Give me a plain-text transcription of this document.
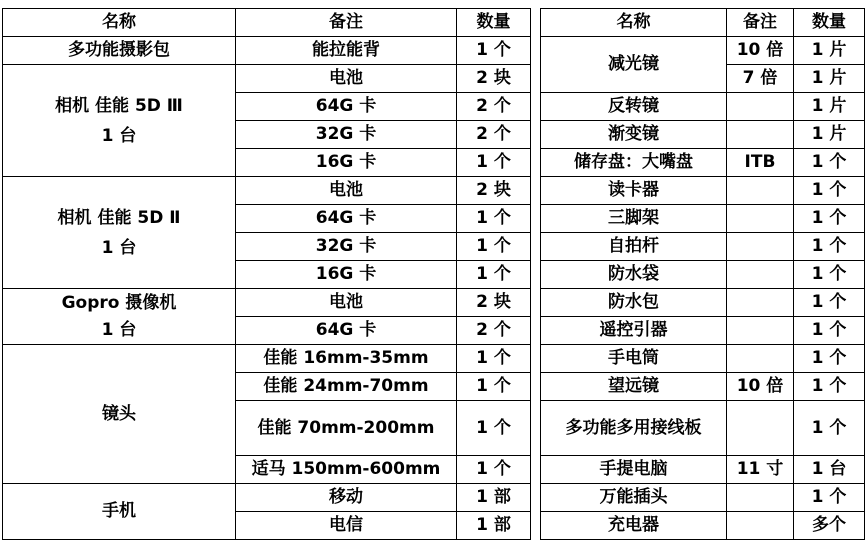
名称	备注	数量
多功能摄影包	能拉能背	1 个

相机 佳能 5D Ⅲ
1 台	电池	2 块
	64G 卡	2 个
	32G 卡	2 个
	16G 卡	1 个

相机 佳能 5D Ⅱ
1 台	电池	2 块
	64G 卡	1 个
	32G 卡	1 个
	16G 卡	1 个

Gopro 摄像机
1 台	电池	2 块
	64G 卡	2 个
镜头	佳能 16mm-35mm	1 个
	佳能 24mm-70mm	1 个
	佳能 70mm-200mm	1 个
	适马 150mm-600mm	1 个
手机	移动	1 部
	电信	1 部
名称	备注	数量
减光镜	10 倍	1 片
	7 倍	1 片
反转镜		1 片
渐变镜		1 片
储存盘：大嘴盘	ITB	1 个
读卡器		1 个
三脚架		1 个
自拍杆		1 个
防水袋		1 个
防水包		1 个
遥控引器		1 个
手电筒		1 个
望远镜	10 倍	1 个
多功能多用接线板		1 个
手提电脑	11 寸	1 台
万能插头		1 个
充电器		多个
